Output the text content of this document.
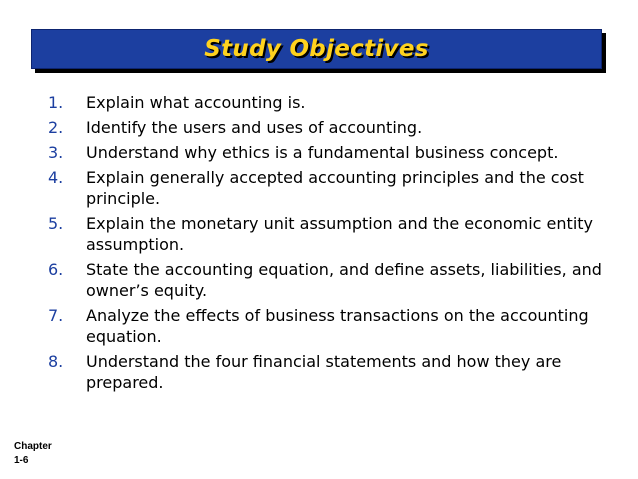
Study Objectives
1.	Explain what accounting is.
2.	Identify the users and uses of accounting.
3.	Understand why ethics is a fundamental business concept.
4.	Explain generally accepted accounting principles and the cost principle.
5.	Explain the monetary unit assumption and the economic entity assumption.
6.	State the accounting equation, and define assets, liabilities, and owner’s equity.
7.	Analyze the effects of business transactions on the accounting equation.
8.	Understand the four financial statements and how they are prepared.
Chapter
1-6
